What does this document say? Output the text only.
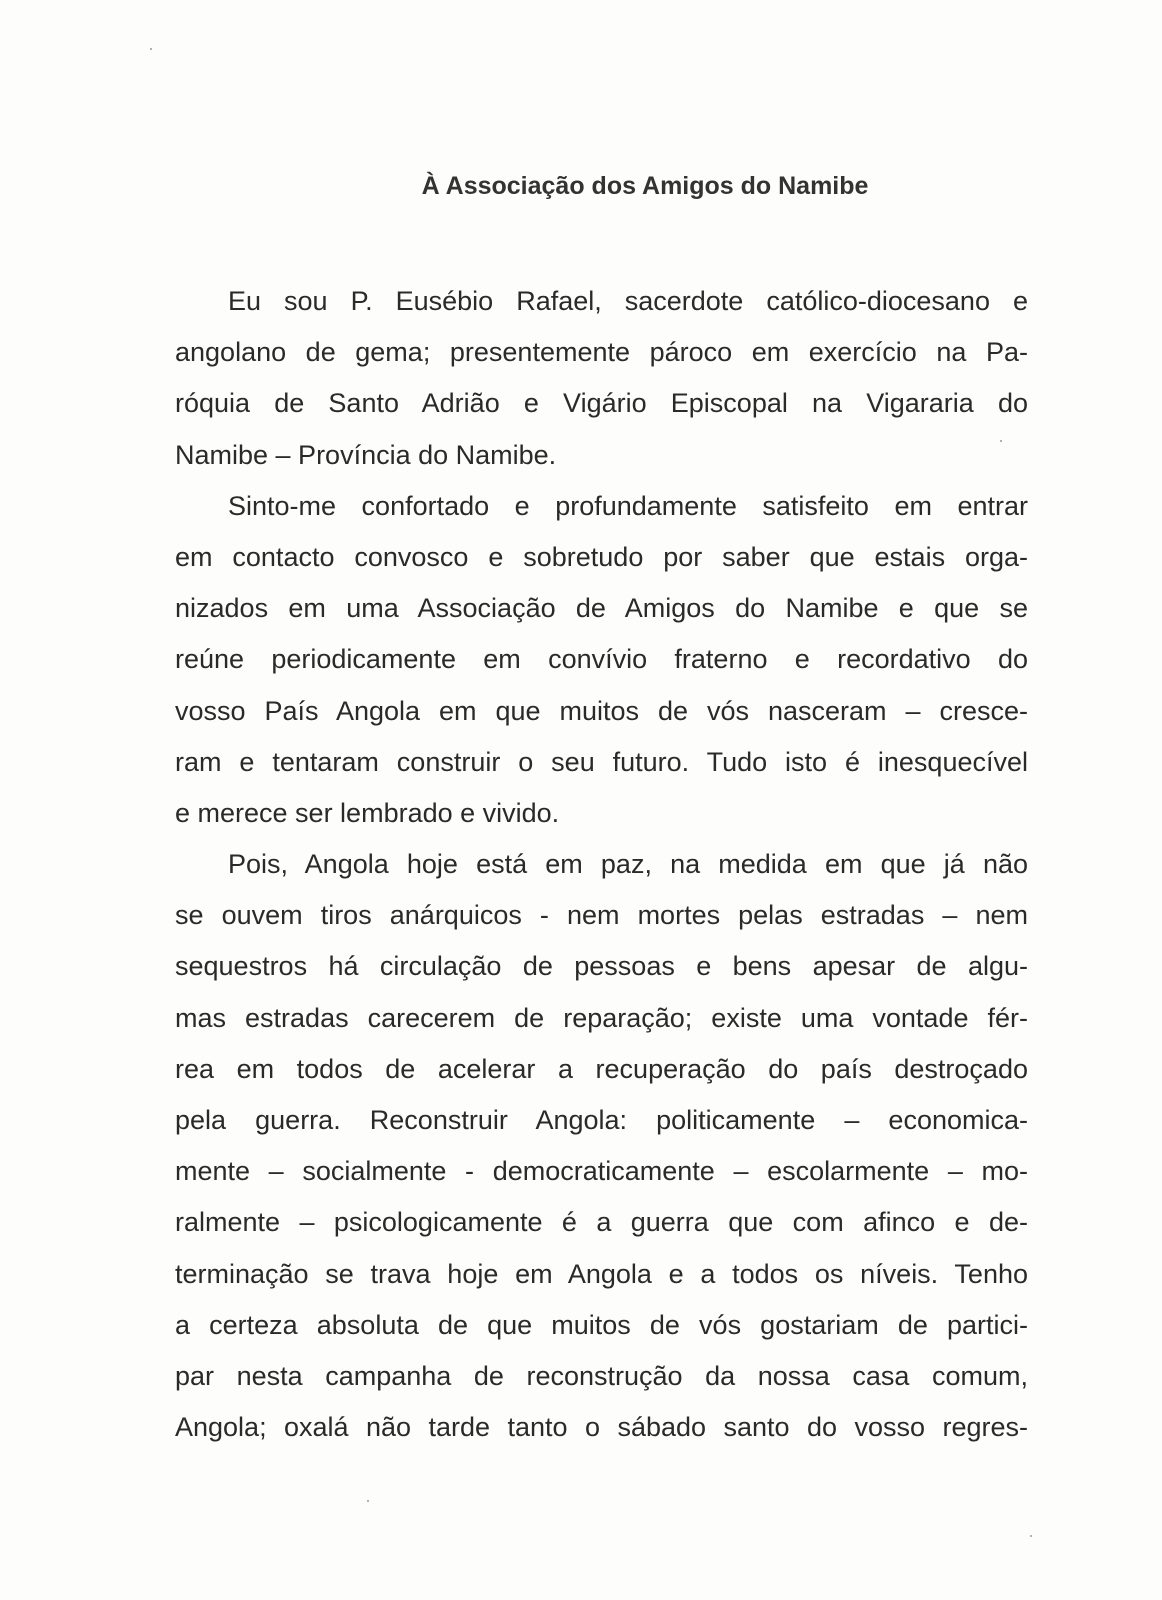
À Associação dos Amigos do Namibe
Eu sou P. Eusébio Rafael, sacerdote católico-diocesano e
angolano de gema; presentemente pároco em exercício na Pa-
róquia de Santo Adrião e Vigário Episcopal na Vigararia do
Namibe – Província do Namibe.
Sinto-me confortado e profundamente satisfeito em entrar
em contacto convosco e sobretudo por saber que estais orga-
nizados em uma Associação de Amigos do Namibe e que se
reúne periodicamente em convívio fraterno e recordativo do
vosso País Angola em que muitos de vós nasceram – cresce-
ram e tentaram construir o seu futuro. Tudo isto é inesquecível
e merece ser lembrado e vivido.
Pois, Angola hoje está em paz, na medida em que já não
se ouvem tiros anárquicos - nem mortes pelas estradas – nem
sequestros há circulação de pessoas e bens apesar de algu-
mas estradas carecerem de reparação; existe uma vontade fér-
rea em todos de acelerar a recuperação do país destroçado
pela guerra. Reconstruir Angola: politicamente – economica-
mente – socialmente - democraticamente – escolarmente – mo-
ralmente – psicologicamente é a guerra que com afinco e de-
terminação se trava hoje em Angola e a todos os níveis. Tenho
a certeza absoluta de que muitos de vós gostariam de partici-
par nesta campanha de reconstrução da nossa casa comum,
Angola; oxalá não tarde tanto o sábado santo do vosso regres-
